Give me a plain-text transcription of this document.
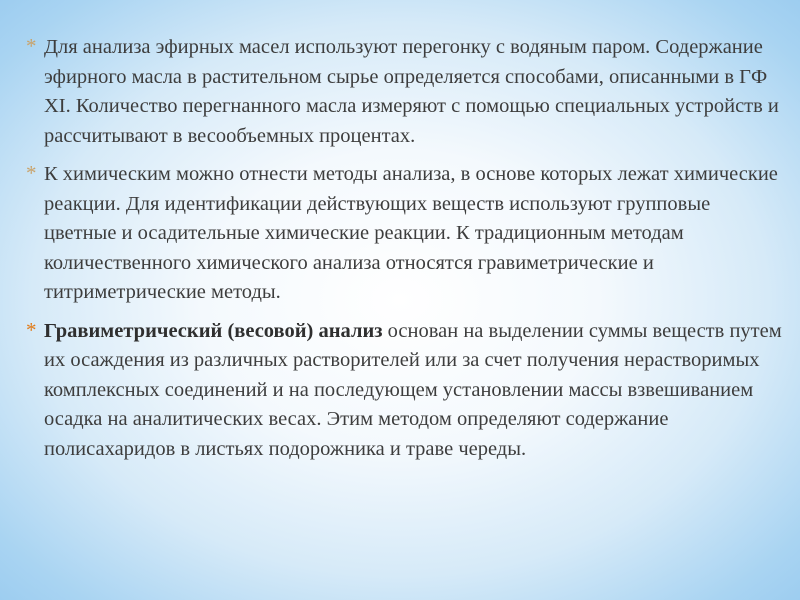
* Для анализа эфирных масел используют перегонку с водяным паром. Содержание эфирного масла в растительном сырье определяется способами, описанными в ГФ XI. Количество перегнанного масла измеряют с помощью специальных устройств и рассчитывают в весообъемных процентах.

* К химическим можно отнести методы анализа, в основе которых лежат химические реакции. Для идентификации действующих веществ используют групповые цветные и осадительные химические реакции. К традиционным методам количественного химического анализа относятся гравиметрические и титриметрические методы.

* Гравиметрический (весовой) анализ основан на выделении суммы веществ путем их осаждения из различных растворителей или за счет получения нерастворимых комплексных соединений и на последующем установлении массы взвешиванием осадка на аналитических весах. Этим методом определяют содержание полисахаридов в листьях подорожника и траве череды.
